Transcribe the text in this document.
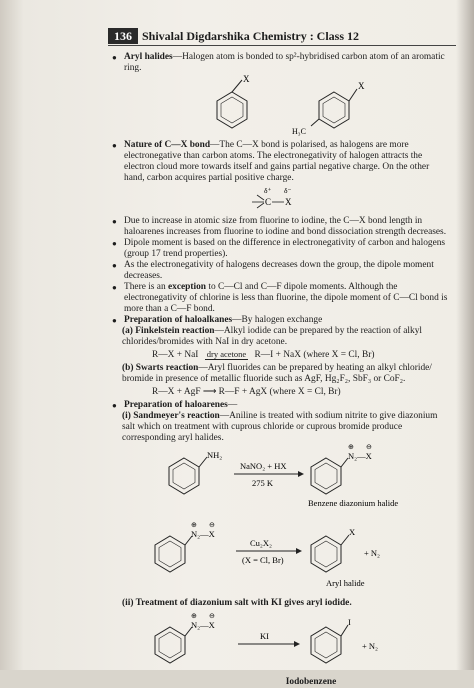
136 Shivalal Digdarshika Chemistry : Class 12
● Aryl halides—Halogen atom is bonded to sp²-hybridised carbon atom of an aromatic ring.
X
X
H₃C
● Nature of C—X bond—The C—X bond is polarised, as halogens are more electronegative than carbon atoms. The electronegativity of halogen attracts the electron cloud more towards itself and gains partial negative charge. On the other hand, carbon acquires partial positive charge.
δ⁺ δ⁻
C X
● Due to increase in atomic size from fluorine to iodine, the C—X bond length in haloarenes increases from fluorine to iodine and bond dissociation strength decreases.
● Dipole moment is based on the difference in electronegativity of carbon and halogens (group 17 trend properties).
● As the electronegativity of halogens decreases down the group, the dipole moment decreases.
● There is an exception to C—Cl and C—F dipole moments. Although the electronegativity of chlorine is less than fluorine, the dipole moment of C—Cl bond is more than a C—F bond.
● Preparation of haloalkanes—By halogen exchange
(a) Finkelstein reaction—Alkyl iodide can be prepared by the reaction of alkyl chlorides/bromides with NaI in dry acetone.
R—X + NaI dry acetone R—I + NaX (where X = Cl, Br)
(b) Swarts reaction—Aryl fluorides can be prepared by heating an alkyl chloride/ bromide in presence of metallic fluoride such as AgF, Hg₂F₂, SbF₃ or CoF₂.
R—X + AgF ⟶ R—F + AgX (where X = Cl, Br)
● Preparation of haloarenes—
(i) Sandmeyer's reaction—Aniline is treated with sodium nitrite to give diazonium salt which on treatment with cuprous chloride or cuprous bromide produce corresponding aryl halides.
NH₂
NaNO₂ + HX
275 K
⊕ ⊖
N₂—X
Benzene diazonium halide
⊕ ⊖
N₂—X
Cu₂X₂
(X = Cl, Br)
X
+ N₂
Aryl halide
(ii) Treatment of diazonium salt with KI gives aryl iodide.
⊕ ⊖
N₂—X
KI
I
+ N₂
Iodobenzene
